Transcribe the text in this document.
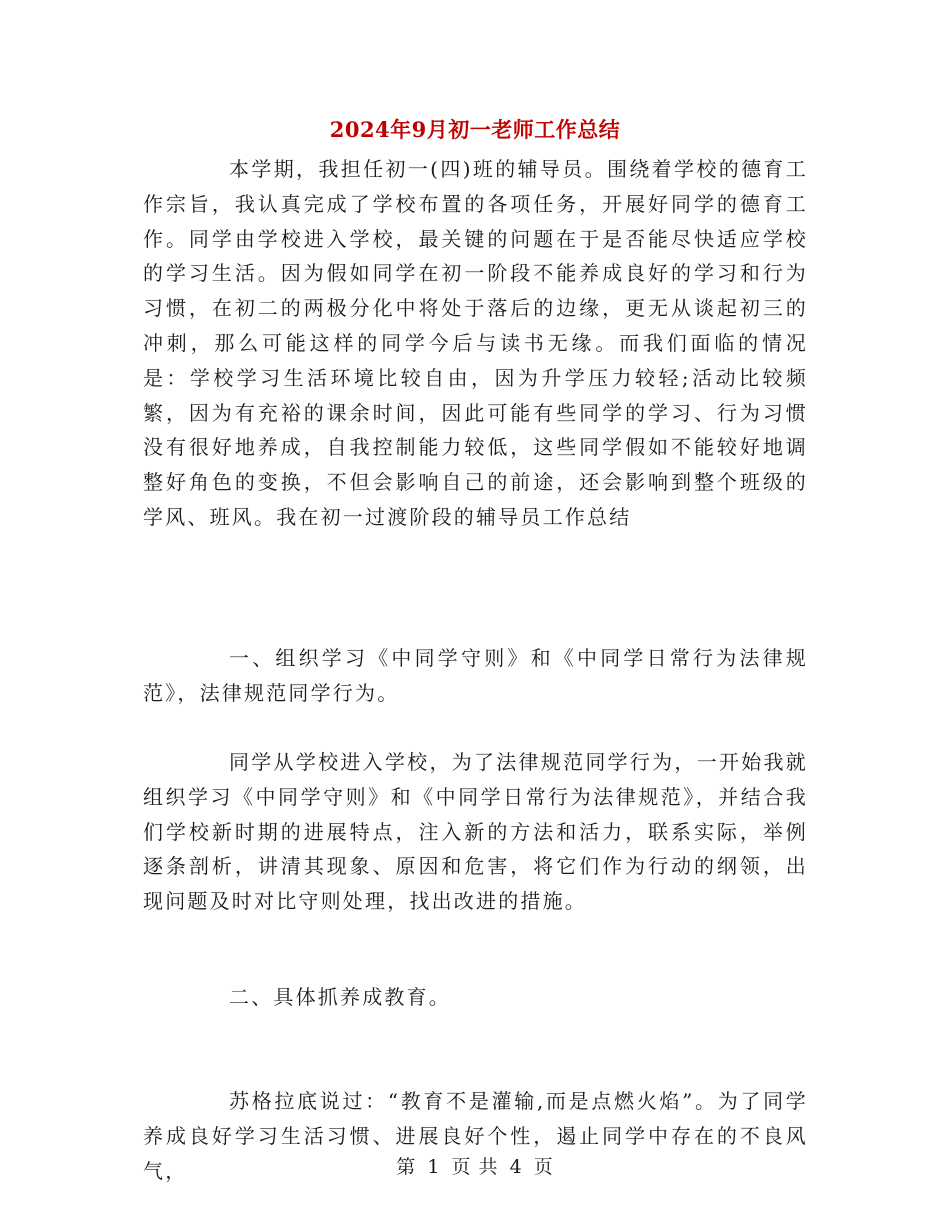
2024年9月初一老师工作总结
本学期，我担任初一(四)班的辅导员。围绕着学校的德育工作宗旨，我认真完成了学校布置的各项任务，开展好同学的德育工作。同学由学校进入学校，最关键的问题在于是否能尽快适应学校的学习生活。因为假如同学在初一阶段不能养成良好的学习和行为习惯，在初二的两极分化中将处于落后的边缘，更无从谈起初三的冲刺，那么可能这样的同学今后与读书无缘。而我们面临的情况是：学校学习生活环境比较自由，因为升学压力较轻;活动比较频繁，因为有充裕的课余时间，因此可能有些同学的学习、行为习惯没有很好地养成，自我控制能力较低，这些同学假如不能较好地调整好角色的变换，不但会影响自己的前途，还会影响到整个班级的学风、班风。我在初一过渡阶段的辅导员工作总结
一、组织学习《中同学守则》和《中同学日常行为法律规范》，法律规范同学行为。
同学从学校进入学校，为了法律规范同学行为，一开始我就组织学习《中同学守则》和《中同学日常行为法律规范》，并结合我们学校新时期的进展特点，注入新的方法和活力，联系实际，举例逐条剖析，讲清其现象、原因和危害，将它们作为行动的纲领，出现问题及时对比守则处理，找出改进的措施。
二、具体抓养成教育。
苏格拉底说过：“教育不是灌输,而是点燃火焰”。为了同学养成良好学习生活习惯、进展良好个性，遏止同学中存在的不良风气，	第 1 页 共 4 页
